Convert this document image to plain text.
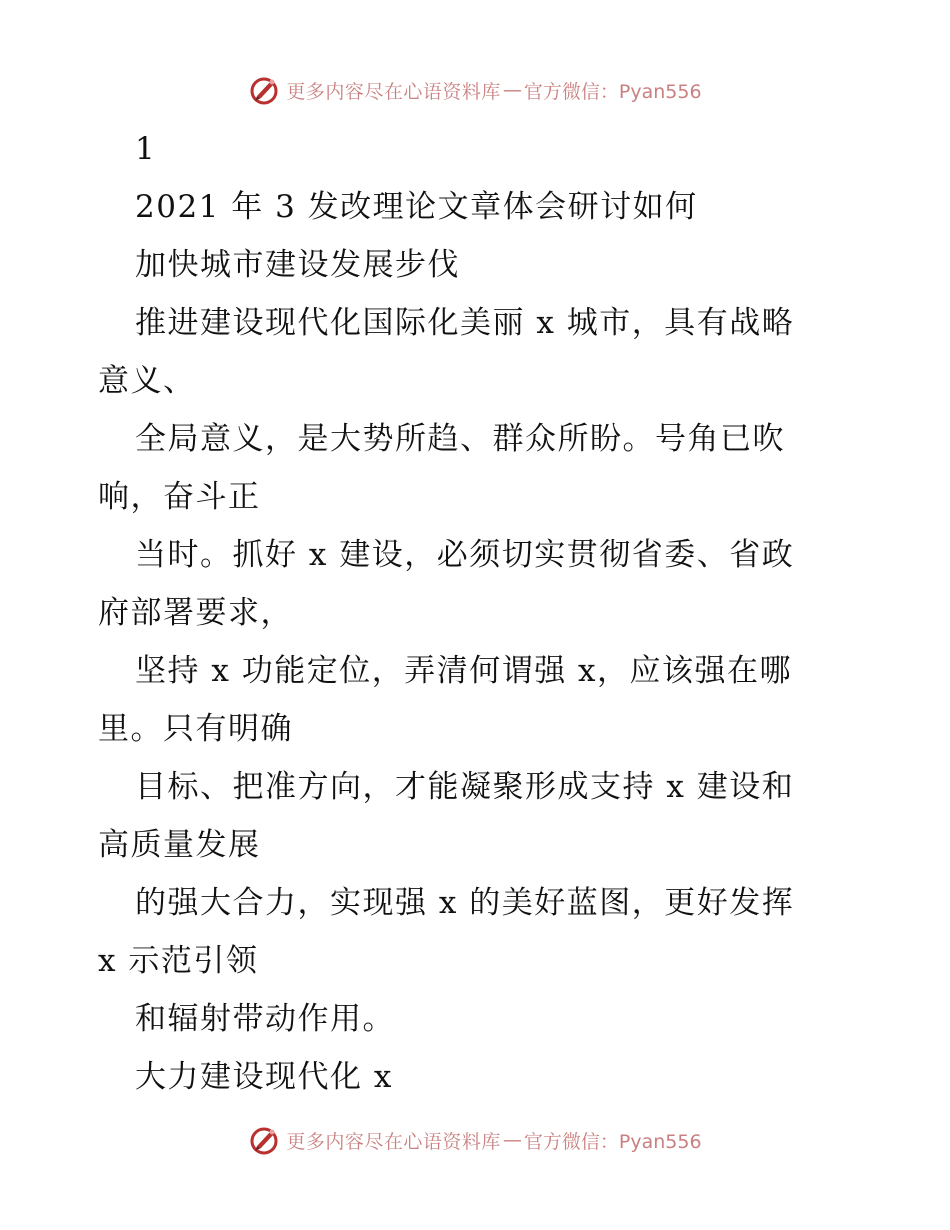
更多内容尽在心语资料库 — 官方微信：Pyan556
1
2021 年 3 发改理论文章体会研讨如何
加快城市建设发展步伐
推进建设现代化国际化美丽 x 城市，具有战略
意义、
全局意义，是大势所趋、群众所盼。号角已吹
响，奋斗正
当时。抓好 x 建设，必须切实贯彻省委、省政
府部署要求，
坚持 x 功能定位，弄清何谓强 x，应该强在哪
里。只有明确
目标、把准方向，才能凝聚形成支持 x 建设和
高质量发展
的强大合力，实现强 x 的美好蓝图，更好发挥
x 示范引领
和辐射带动作用。
大力建设现代化 x
更多内容尽在心语资料库 — 官方微信：Pyan556
